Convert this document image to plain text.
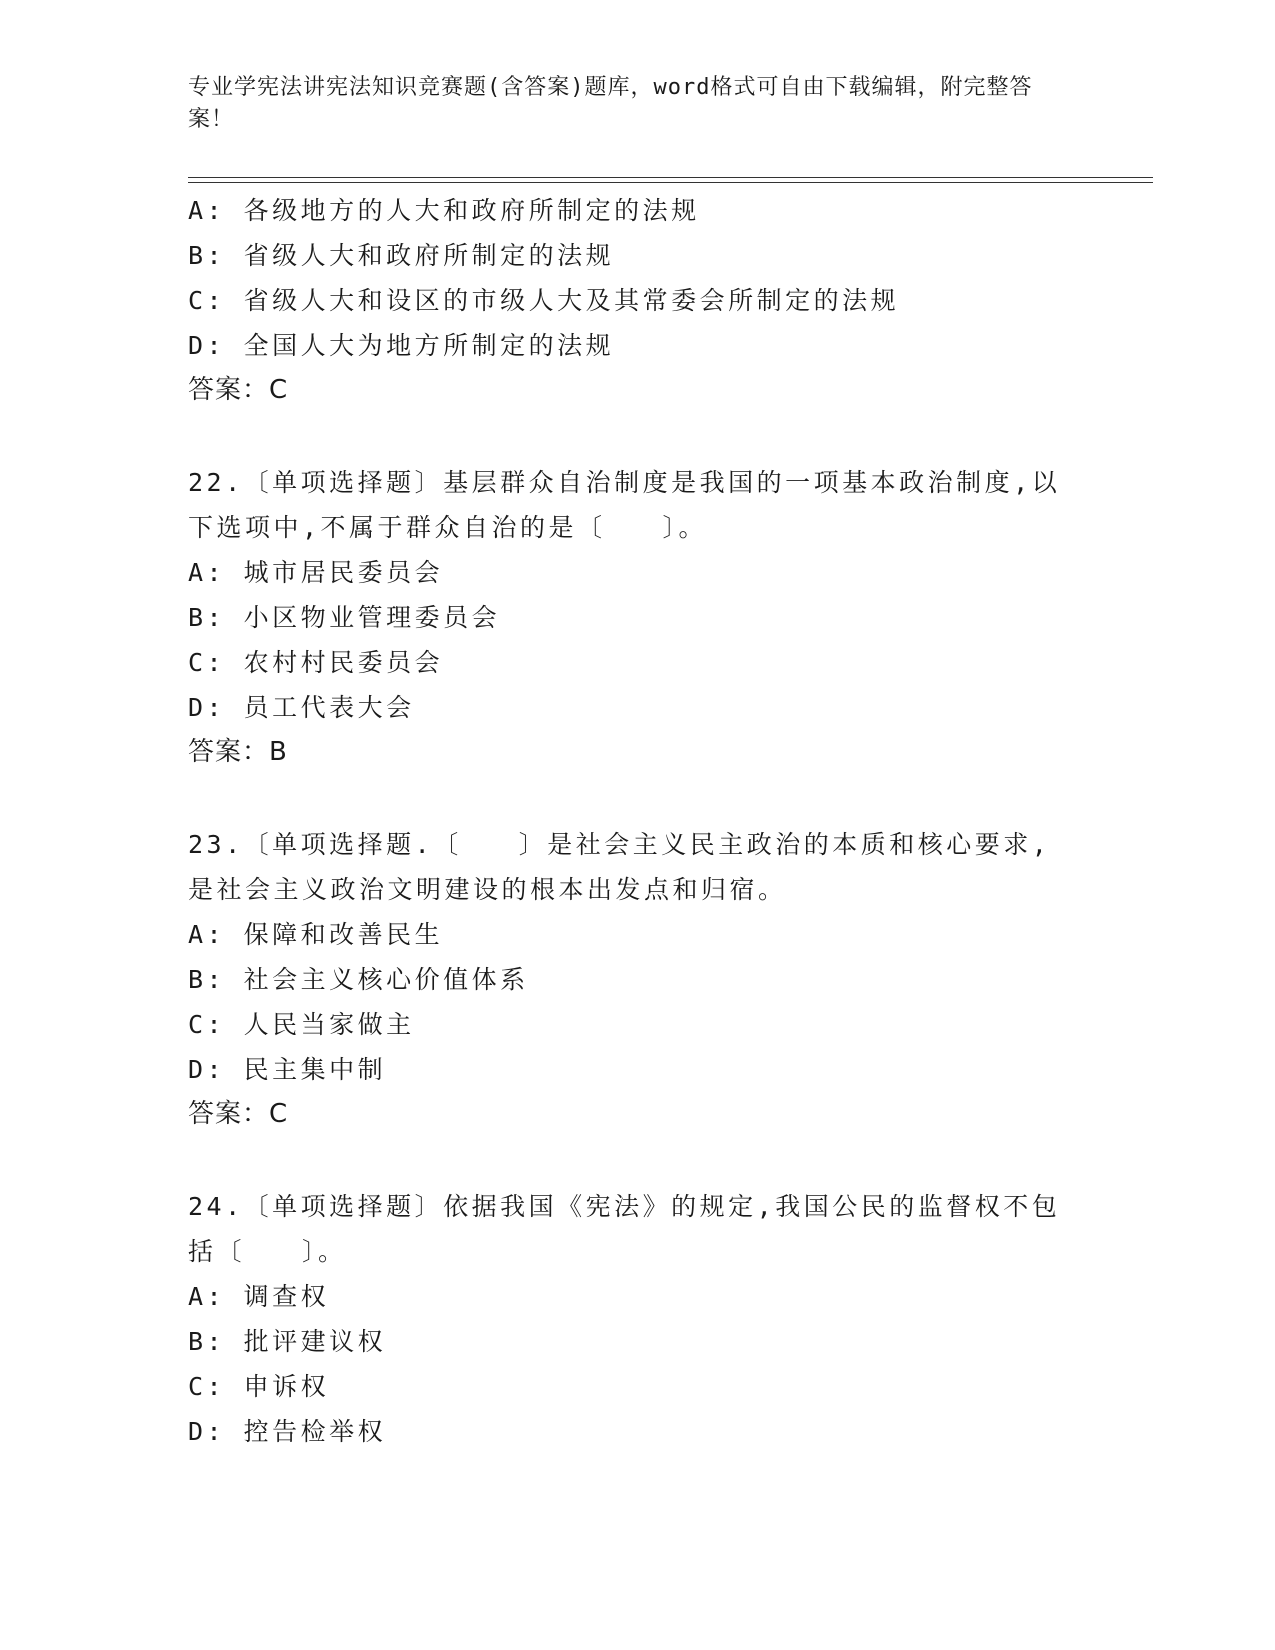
专业学宪法讲宪法知识竞赛题(含答案)题库，word格式可自由下载编辑，附完整答案！
A: 各级地方的人大和政府所制定的法规
B: 省级人大和政府所制定的法规
C: 省级人大和设区的市级人大及其常委会所制定的法规
D: 全国人大为地方所制定的法规
答案：C
22.〔单项选择题〕基层群众自治制度是我国的一项基本政治制度,以下选项中,不属于群众自治的是〔　　〕。
A: 城市居民委员会
B: 小区物业管理委员会
C: 农村村民委员会
D: 员工代表大会
答案：B
23.〔单项选择题.〔　　〕是社会主义民主政治的本质和核心要求,是社会主义政治文明建设的根本出发点和归宿。
A: 保障和改善民生
B: 社会主义核心价值体系
C: 人民当家做主
D: 民主集中制
答案：C
24.〔单项选择题〕依据我国《宪法》的规定,我国公民的监督权不包括〔　　〕。
A: 调查权
B: 批评建议权
C: 申诉权
D: 控告检举权
